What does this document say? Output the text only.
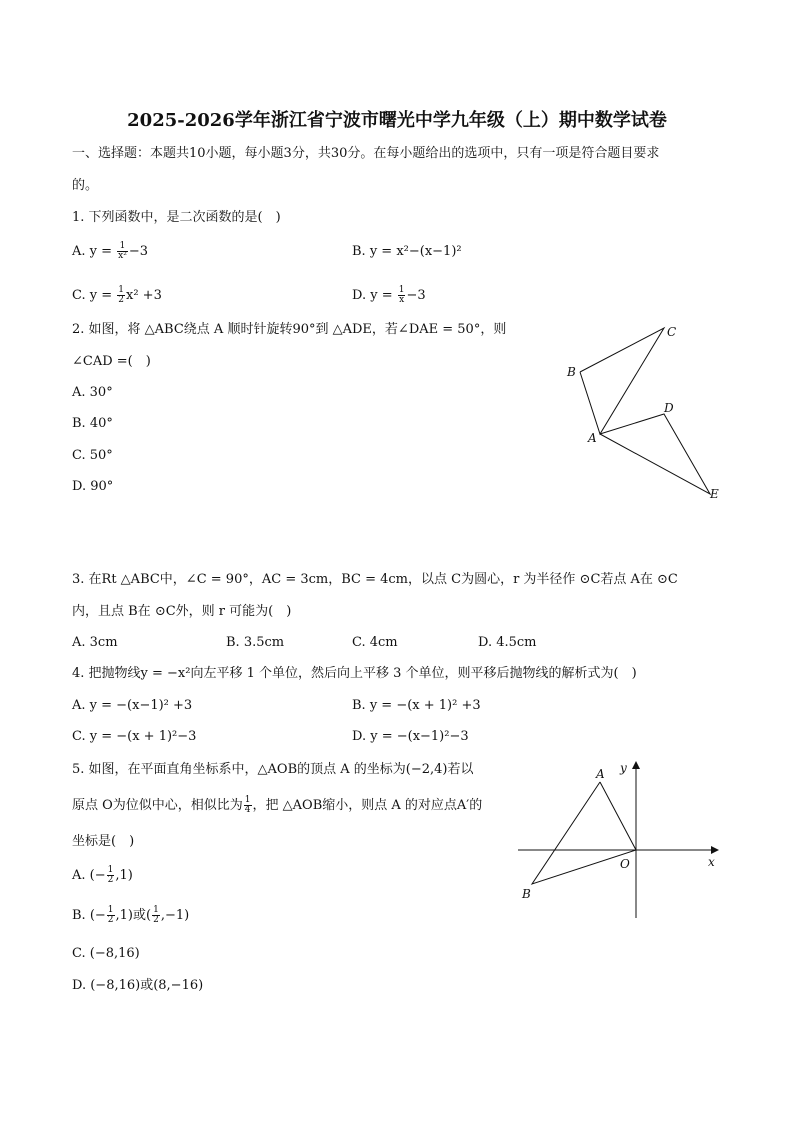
2025-2026学年浙江省宁波市曙光中学九年级（上）期中数学试卷
一、选择题：本题共10小题，每小题3分，共30分。在每小题给出的选项中，只有一项是符合题目要求
的。
1. 下列函数中，是二次函数的是(　)
A. $y = \frac{1}{\text{x²}} -3$	B. y = x²−(x−1)²
C. $y = \frac{1}{2} x^2 +3$	D. $y = \frac{1}{x} -3$
2. 如图，将 △ABC绕点 A 顺时针旋转90°到 △ADE，若∠DAE = 50°，则
∠CAD =(　)
A. 30°
B. 40°
C. 50°
D. 90°
B
C
A
D
E
3. 在Rt △ABC中，∠C = 90°，AC = 3cm，BC = 4cm，以点 C为圆心，r 为半径作 ⊙C若点 A在 ⊙C
内，且点 B在 ⊙C外，则 r 可能为(　)
A. 3cm	B. 3.5cm	C. 4cm	D. 4.5cm
4. 把抛物线y = −x²向左平移 1 个单位，然后向上平移 3 个单位，则平移后抛物线的解析式为(　)
A. y = −(x−1)² +3	B. y = −(x + 1)² +3
C. y = −(x + 1)²−3	D. y = −(x−1)²−3
5. 如图，在平面直角坐标系中，△AOB的顶点 A 的坐标为(−2,4)若以
原点 O为位似中心，相似比为 $\frac{1}{4}$ ，把 △AOB缩小，则点 A 的对应点A′的
坐标是(　)
A. (− $\frac{1}{2} ,1$)
B. (− $\frac{1}{2} ,1$)或( $\frac{1}{2} ,-1$)
C. (−8,16)
D. (−8,16)或(8,−16)
A
O
B
x
y
